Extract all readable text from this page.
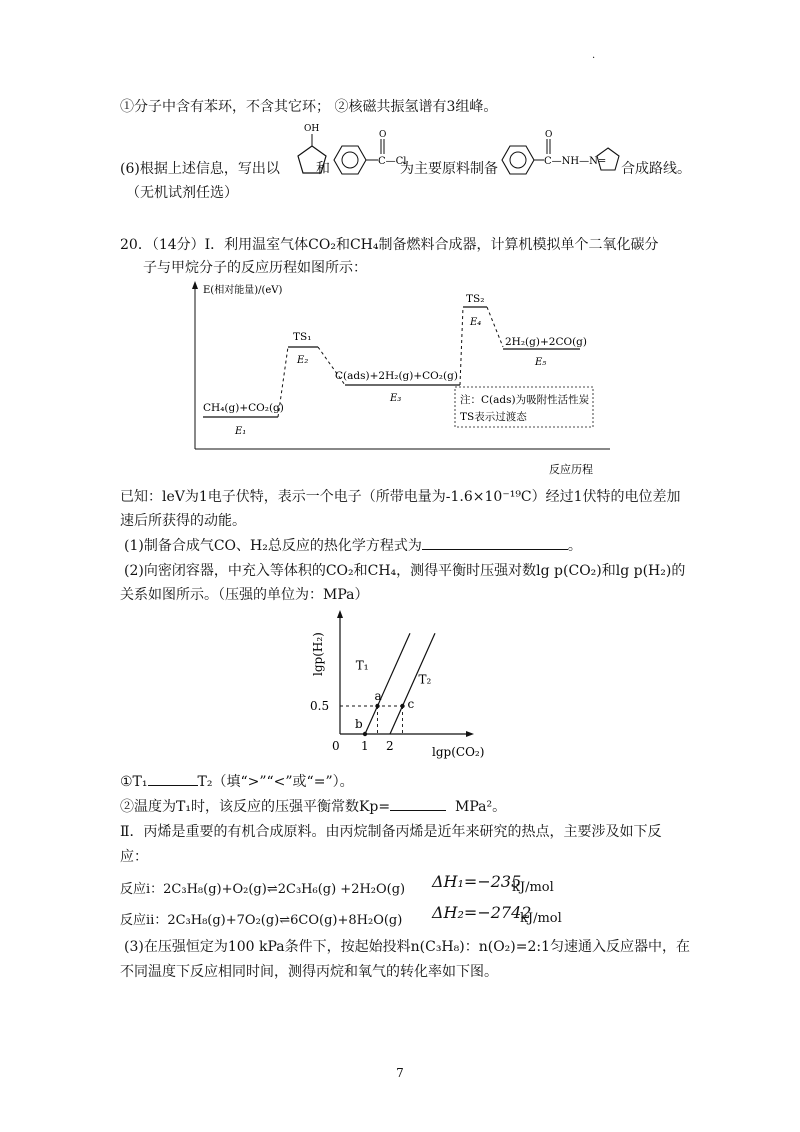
.
①分子中含有苯环，不含其它环； ②核磁共振氢谱有3组峰。
(6)根据上述信息，写出以
OH
和
O
C—Cl
为主要原料制备
O
C—NH—N= 合成路线。
（无机试剂任选）
20．（14分）Ⅰ．利用温室气体CO₂和CH₄制备燃料合成器，计算机模拟单个二氧化碳分
子与甲烷分子的反应历程如图所示：
E(相对能量)/(eV)
反应历程
CH₄(g)+CO₂(g)
E₁
TS₁
E₂
C(ads)+2H₂(g)+CO₂(g)
E₃
TS₂
E₄
2H₂(g)+2CO(g)
E₅
注：C(ads)为吸附性活性炭
TS表示过渡态
已知：leV为1电子伏特，表示一个电子（所带电量为-1.6×10⁻¹⁹C）经过1伏特的电位差加
速后所获得的动能。
(1)制备合成气CO、H₂总反应的热化学方程式为	。
(2)向密闭容器，中充入等体积的CO₂和CH₄，测得平衡时压强对数lg p(CO₂)和lg p(H₂)的
关系如图所示。（压强的单位为：MPa）
lgp(CO₂)
lgp(H₂)
0 1 2
0.5
T₁
T₂
a
b
c
①T₁	T₂（填“>”“<”或“=”）。
②温度为T₁时，该反应的压强平衡常数Kp=	MPa²。
Ⅱ．丙烯是重要的有机合成原料。由丙烷制备丙烯是近年来研究的热点，主要涉及如下反
应：
反应ⅰ：2C₃H₈(g)+O₂(g)⇌2C₃H₆(g) +2H₂O(g) ΔH₁=−235
kJ/mol
反应ⅱ：2C₃H₈(g)+7O₂(g)⇌6CO(g)+8H₂O(g) ΔH₂=−2742
kJ/mol
(3)在压强恒定为100 kPa条件下，按起始投料n(C₃H₈)：n(O₂)=2:1匀速通入反应器中，在
不同温度下反应相同时间，测得丙烷和氧气的转化率如下图。
7
